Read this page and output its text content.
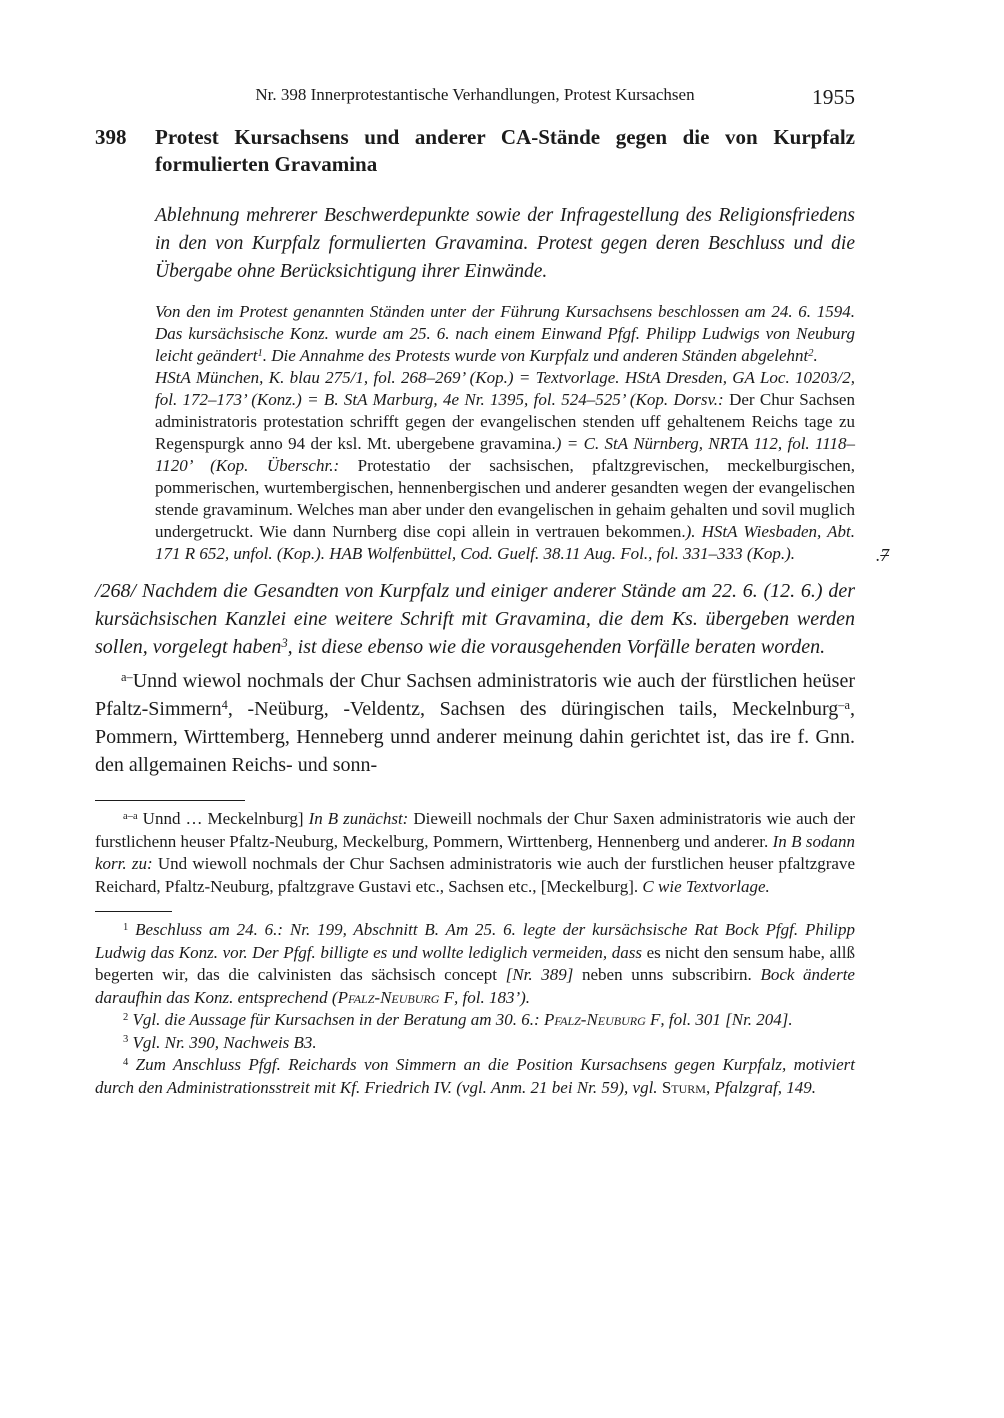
Nr. 398 Innerprotestantische Verhandlungen, Protest Kursachsen	1955
398	Protest Kursachsens und anderer CA-Stände gegen die von Kurpfalz formulierten Gravamina

Ablehnung mehrerer Beschwerdepunkte sowie der Infragestellung des Religionsfriedens in den von Kurpfalz formulierten Gravamina. Protest gegen deren Beschluss und die Übergabe ohne Berücksichtigung ihrer Einwände.

Von den im Protest genannten Ständen unter der Führung Kursachsens beschlossen am 24. 6. 1594. Das kursächsische Konz. wurde am 25. 6. nach einem Einwand Pfgf. Philipp Ludwigs von Neuburg leicht geändert$^1$. Die Annahme des Protests wurde von Kurpfalz und anderen Ständen abgelehnt$^2$.

.7
HStA München, K. blau 275/1, fol. 268–269’ (Kop.) = Textvorlage. HStA Dresden, GA Loc. 10203/2, fol. 172–173’ (Konz.) = B. StA Marburg, 4e Nr. 1395, fol. 524–525’ (Kop. Dorsv.: Der Chur Sachsen administratoris protestation schrifft gegen der evangelischen stenden uff gehaltenem Reichs tage zu Regenspurgk anno 94 der ksl. Mt. ubergebene gravamina.) = C. StA Nürnberg, NRTA 112, fol. 1118–1120’ (Kop. Überschr.: Protestatio der sachsischen, pfaltzgrevischen, meckelburgischen, pommerischen, wurtembergischen, hennenbergischen und anderer gesandten wegen der evangelischen stende gravaminum. Welches man aber under den evangelischen in gehaim gehalten und sovil muglich undergetruckt. Wie dann Nurnberg dise copi allein in vertrauen bekommen.). HStA Wiesbaden, Abt. 171 R 652, unfol. (Kop.). HAB Wolfenbüttel, Cod. Guelf. 38.11 Aug. Fol., fol. 331–333 (Kop.).

/268/ Nachdem die Gesandten von Kurpfalz und einiger anderer Stände am 22. 6. (12. 6.) der kursächsischen Kanzlei eine weitere Schrift mit Gravamina, die dem Ks. übergeben werden sollen, vorgelegt haben$^3$, ist diese ebenso wie die vorausgehenden Vorfälle beraten worden.

$^{a-}$Unnd wiewol nochmals der Chur Sachsen administratoris wie auch der fürstlichen heüser Pfaltz-Simmern$^4$, -Neüburg, -Veldentz, Sachsen des düringischen tails, Meckelnburg$^{-a}$, Pommern, Wirttemberg, Henneberg unnd anderer meinung dahin gerichtet ist, das ire f. Gnn. den allgemainen Reichs- und sonn-

$^{a-a}$ Unnd … Meckelnburg] In B zunächst: Dieweill nochmals der Chur Saxen administratoris wie auch der furstlichenn heuser Pfaltz-Neuburg, Meckelburg, Pommern, Wirttenberg, Hennenberg und anderer. In B sodann korr. zu: Und wiewoll nochmals der Chur Sachsen administratoris wie auch der furstlichen heuser pfaltzgrave Reichard, Pfaltz-Neuburg, pfaltzgrave Gustavi etc., Sachsen etc., [Meckelburg]. C wie Textvorlage.

$^1$ Beschluss am 24. 6.: Nr. 199, Abschnitt B. Am 25. 6. legte der kursächsische Rat Bock Pfgf. Philipp Ludwig das Konz. vor. Der Pfgf. billigte es und wollte lediglich vermeiden, dass es nicht den sensum habe, allß begerten wir, das die calvinisten das sächsisch concept [Nr. 389] neben unns subscribirn. Bock änderte daraufhin das Konz. entsprechend (Pfalz-Neuburg F, fol. 183’).

$^2$ Vgl. die Aussage für Kursachsen in der Beratung am 30. 6.: Pfalz-Neuburg F, fol. 301 [Nr. 204].

$^3$ Vgl. Nr. 390, Nachweis B3.

$^4$ Zum Anschluss Pfgf. Reichards von Simmern an die Position Kursachsens gegen Kurpfalz, motiviert durch den Administrationsstreit mit Kf. Friedrich IV. (vgl. Anm. 21 bei Nr. 59), vgl. Sturm, Pfalzgraf, 149.
